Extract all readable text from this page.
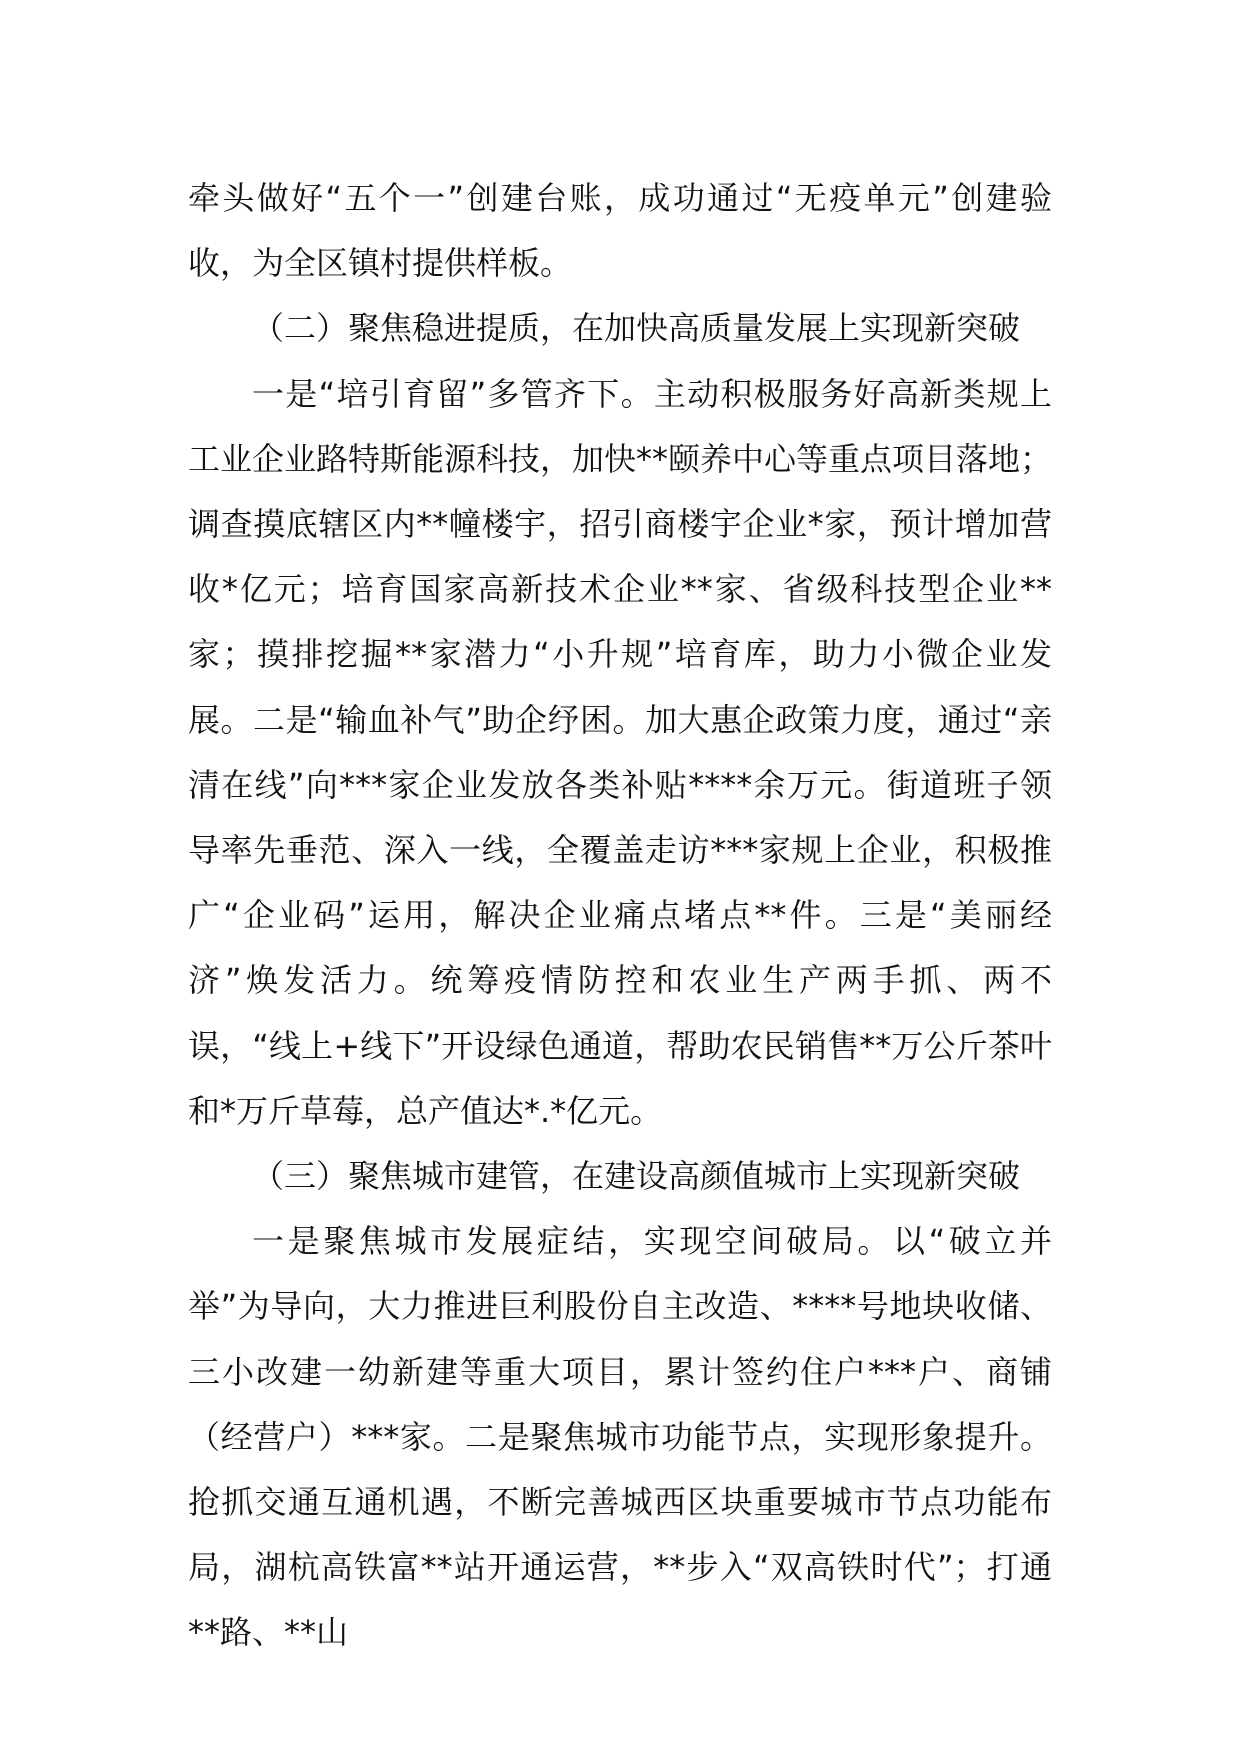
牵头做好“五个一”创建台账，成功通过“无疫单元”创建验收，为全区镇村提供样板。

（二）聚焦稳进提质，在加快高质量发展上实现新突破

一是“培引育留”多管齐下。主动积极服务好高新类规上工业企业路特斯能源科技，加快**颐养中心等重点项目落地；调查摸底辖区内**幢楼宇，招引商楼宇企业*家，预计增加营收*亿元；培育国家高新技术企业**家、省级科技型企业**家；摸排挖掘**家潜力“小升规”培育库，助力小微企业发展。二是“输血补气”助企纾困。加大惠企政策力度，通过“亲清在线”向***家企业发放各类补贴****余万元。街道班子领导率先垂范、深入一线，全覆盖走访***家规上企业，积极推广“企业码”运用，解决企业痛点堵点**件。三是“美丽经济”焕发活力。统筹疫情防控和农业生产两手抓、两不误，“线上+线下”开设绿色通道，帮助农民销售**万公斤茶叶和*万斤草莓，总产值达*.*亿元。

（三）聚焦城市建管，在建设高颜值城市上实现新突破

一是聚焦城市发展症结，实现空间破局。以“破立并举”为导向，大力推进巨利股份自主改造、****号地块收储、三小改建一幼新建等重大项目，累计签约住户***户、商铺（经营户）***家。二是聚焦城市功能节点，实现形象提升。抢抓交通互通机遇，不断完善城西区块重要城市节点功能布局，湖杭高铁富**站开通运营，**步入“双高铁时代”；打通**路、**山
